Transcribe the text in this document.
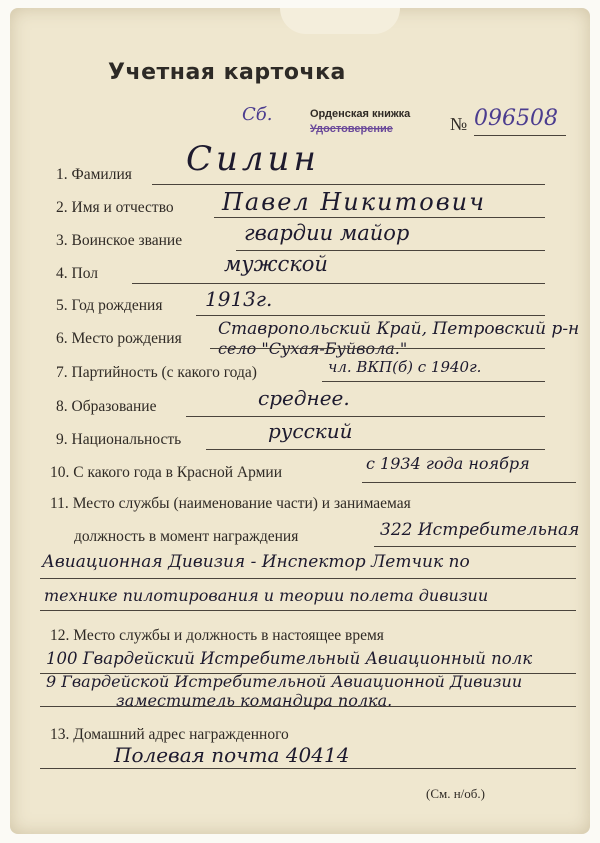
Учетная карточка
Сб.	Орденская книжка
Удостоверение	№ 096508
1. Фамилия Силин
2. Имя и отчество Павел Никитович
3. Воинское звание	гвардии майор
4. Пол	мужской
5. Год рождения 1913г.
6. Место рождения Ставропольский Край, Петровский р-н
село "Сухая-Буйвола."
7. Партийность (с какого года)	чл. ВКП(б) с 1940г.
8. Образование	среднее.
9. Национальность	русский
10. С какого года в Красной Армии	с 1934 года ноября
11. Место службы (наименование части) и занимаемая
должность в момент награждения	322 Истребительная
Авиационная Дивизия - Инспектор Летчик по
технике пилотирования и теории полета дивизии
12. Место службы и должность в настоящее время
100 Гвардейский Истребительный Авиационный полк
9 Гвардейской Истребительной Авиационной Дивизии
заместитель командира полка.
13. Домашний адрес награжденного
Полевая почта 40414
(См. н/об.)
